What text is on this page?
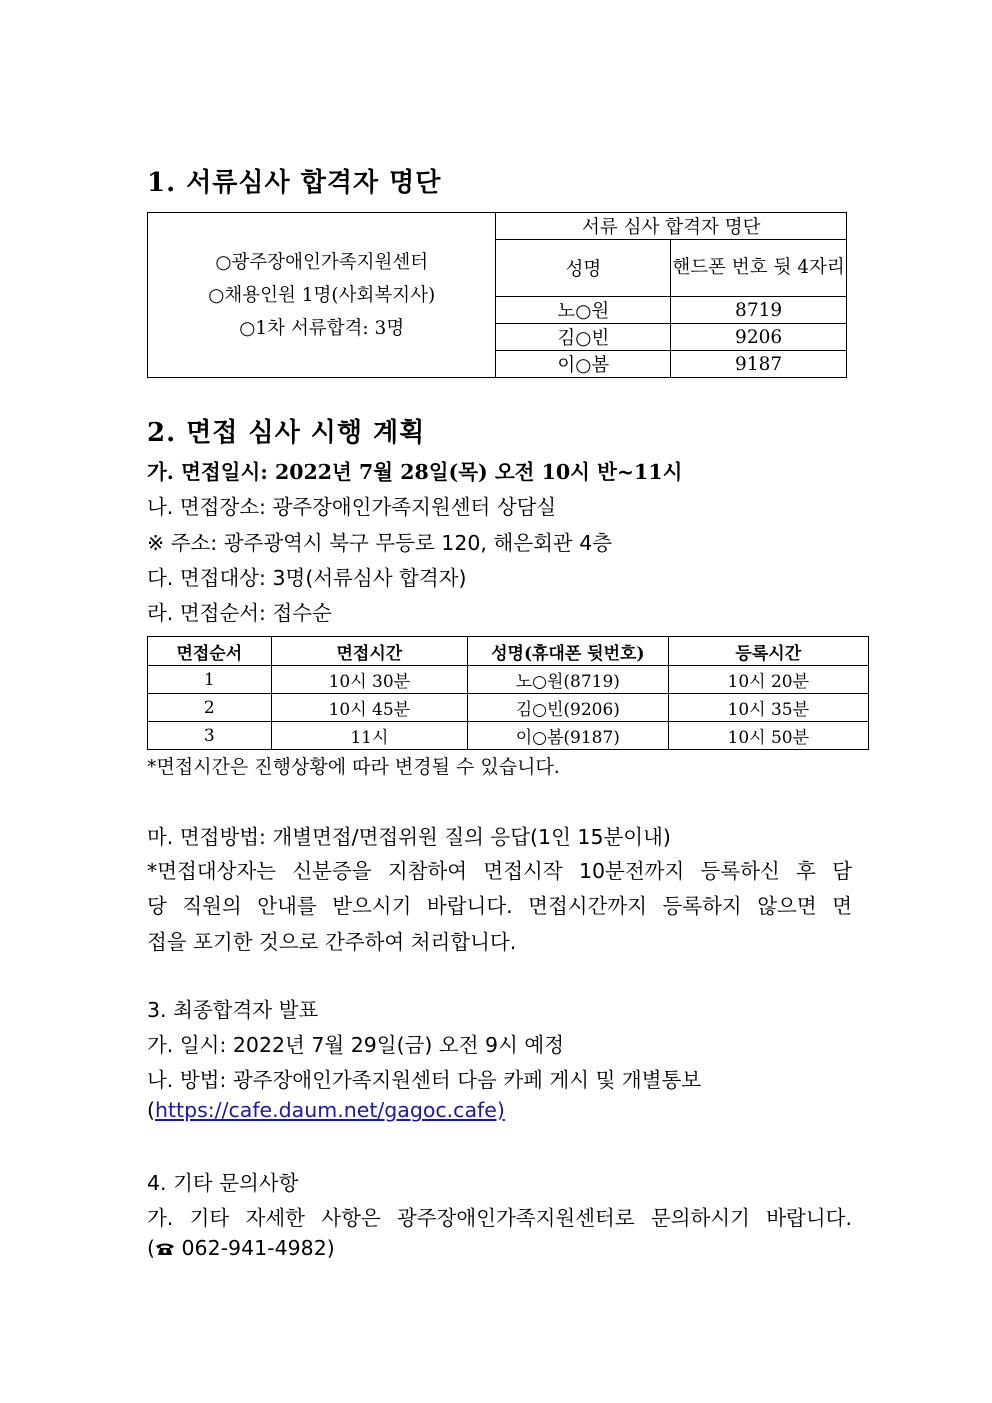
1. 서류심사 합격자 명단
○광주장애인가족지원센터
○채용인원 1명(사회복지사)
○1차 서류합격: 3명	서류 심사 합격자 명단	
	성명	핸드폰 번호 뒷 4자리
	노○원	8719
	김○빈	9206
	이○봄	9187
2. 면접 심사 시행 계획
가. 면접일시: 2022년 7월 28일(목) 오전 10시 반~11시
나. 면접장소: 광주장애인가족지원센터 상담실
※ 주소: 광주광역시 북구 무등로 120, 해은회관 4층
다. 면접대상: 3명(서류심사 합격자)
라. 면접순서: 접수순
면접순서	면접시간	성명(휴대폰 뒷번호)	등록시간
1	10시 30분	노○원(8719)	10시 20분
2	10시 45분	김○빈(9206)	10시 35분
3	11시	이○봄(9187)	10시 50분
*면접시간은 진행상황에 따라 변경될 수 있습니다.
마. 면접방법: 개별면접/면접위원 질의 응답(1인 15분이내)
*면접대상자는 신분증을 지참하여 면접시작 10분전까지 등록하신 후 담
당 직원의 안내를 받으시기 바랍니다. 면접시간까지 등록하지 않으면 면
접을 포기한 것으로 간주하여 처리합니다.
3. 최종합격자 발표
가. 일시: 2022년 7월 29일(금) 오전 9시 예정
나. 방법: 광주장애인가족지원센터 다음 카페 게시 및 개별통보
(https://cafe.daum.net/gagoc.cafe)
4. 기타 문의사항
가. 기타 자세한 사항은 광주장애인가족지원센터로 문의하시기 바랍니다.
( 062-941-4982)
